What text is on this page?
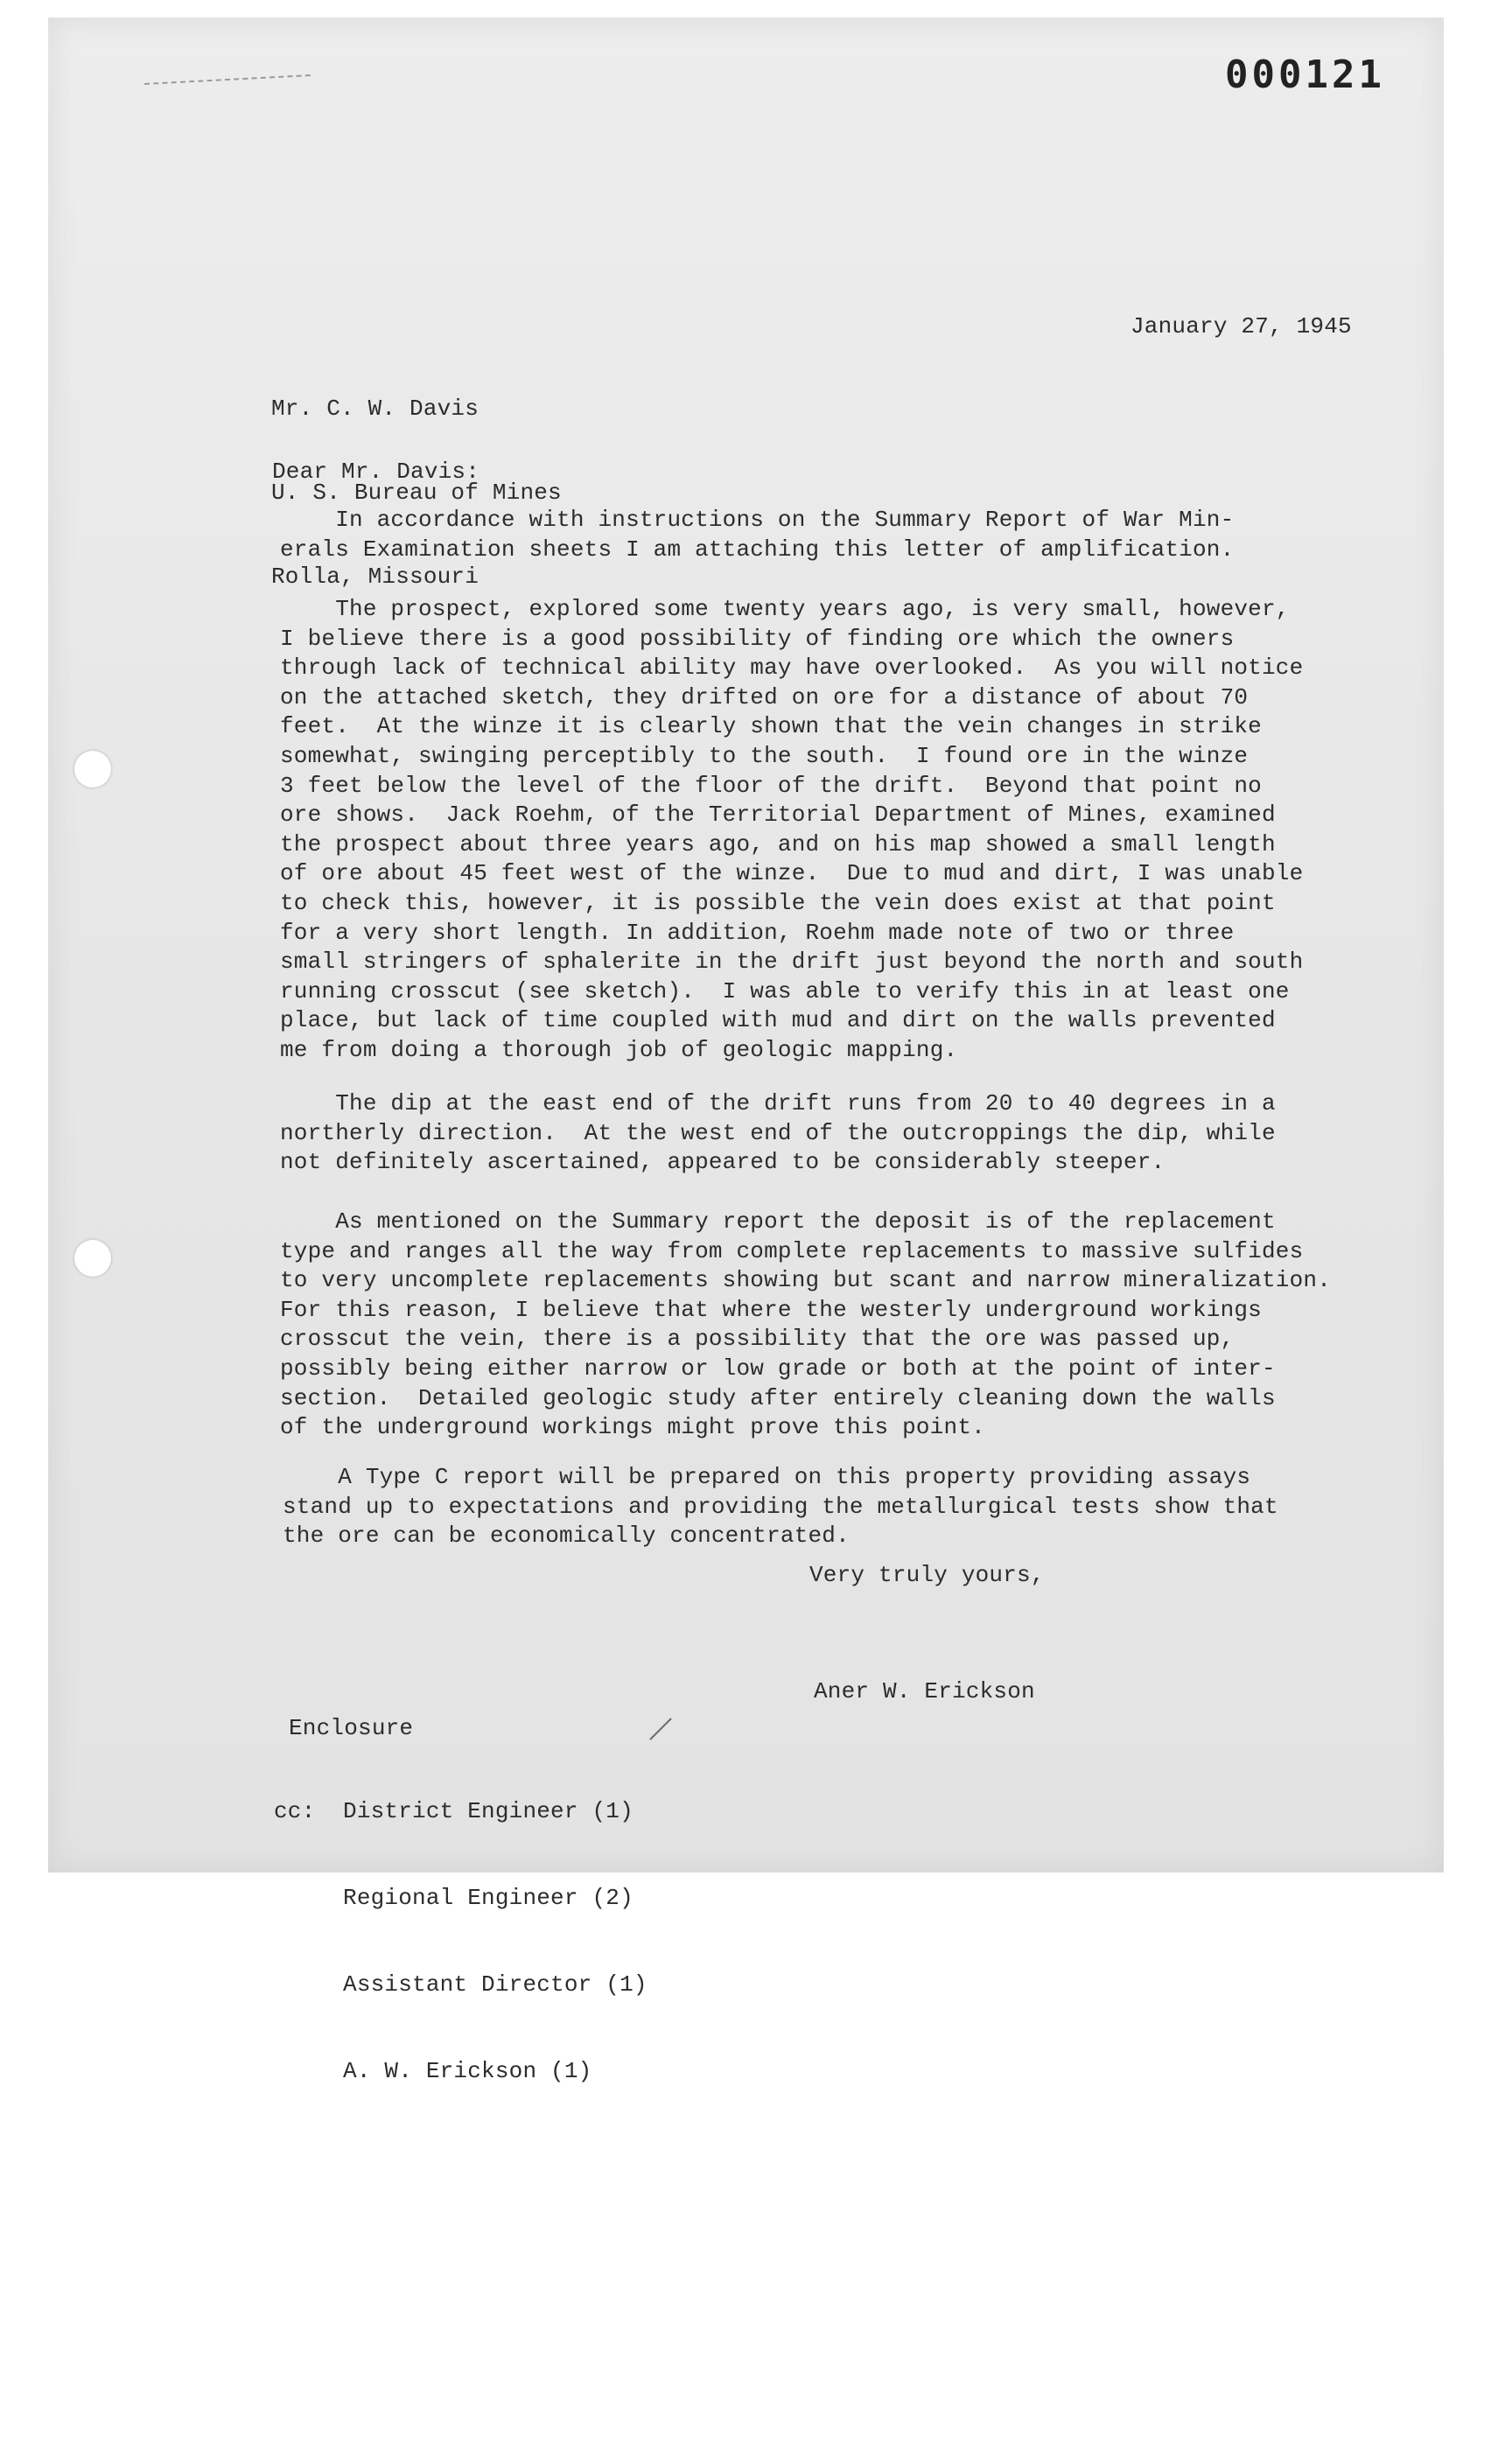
000121

January 27, 1945

Mr. C. W. Davis

U. S. Bureau of Mines

Rolla, Missouri

Dear Mr. Davis:

In accordance with instructions on the Summary Report of War Min-
erals Examination sheets I am attaching this letter of amplification.

The prospect, explored some twenty years ago, is very small, however,
I believe there is a good possibility of finding ore which the owners
through lack of technical ability may have overlooked.  As you will notice
on the attached sketch, they drifted on ore for a distance of about 70
feet.  At the winze it is clearly shown that the vein changes in strike
somewhat, swinging perceptibly to the south.  I found ore in the winze
3 feet below the level of the floor of the drift.  Beyond that point no
ore shows.  Jack Roehm, of the Territorial Department of Mines, examined
the prospect about three years ago, and on his map showed a small length
of ore about 45 feet west of the winze.  Due to mud and dirt, I was unable
to check this, however, it is possible the vein does exist at that point
for a very short length. In addition, Roehm made note of two or three
small stringers of sphalerite in the drift just beyond the north and south
running crosscut (see sketch).  I was able to verify this in at least one
place, but lack of time coupled with mud and dirt on the walls prevented
me from doing a thorough job of geologic mapping.

The dip at the east end of the drift runs from 20 to 40 degrees in a
northerly direction.  At the west end of the outcroppings the dip, while
not definitely ascertained, appeared to be considerably steeper.

As mentioned on the Summary report the deposit is of the replacement
type and ranges all the way from complete replacements to massive sulfides
to very uncomplete replacements showing but scant and narrow mineralization.
For this reason, I believe that where the westerly underground workings
crosscut the vein, there is a possibility that the ore was passed up,
possibly being either narrow or low grade or both at the point of inter-
section.  Detailed geologic study after entirely cleaning down the walls
of the underground workings might prove this point.

A Type C report will be prepared on this property providing assays
stand up to expectations and providing the metallurgical tests show that
the ore can be economically concentrated.

Very truly yours,

Aner W. Erickson

Enclosure

cc:  District Engineer (1)

Regional Engineer (2)

Assistant Director (1)

A. W. Erickson (1)
